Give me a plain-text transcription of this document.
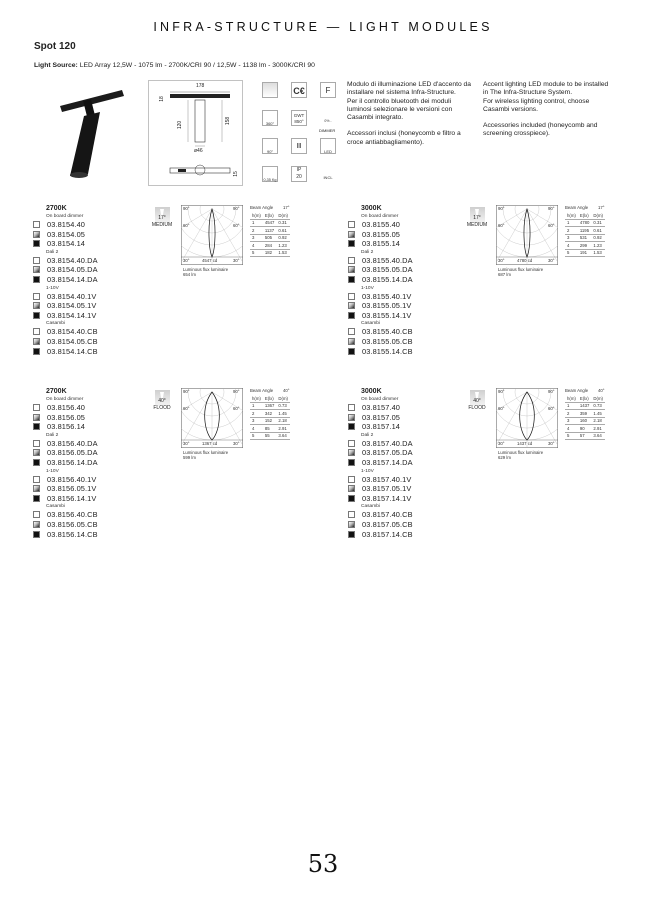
INFRA-STRUCTURE — LIGHT MODULES
Spot 120
Light Source: LED Array 12,5W - 1075 lm - 2700K/CRI 90 / 12,5W - 1138 lm - 3000K/CRI 90
178
18
120	158
ø46
15
C€	F
360°
GWT 850°	0% -
DIMMER
90°
Ⅲ
LED INCL
0,35 Kg
IP
20

Modulo di illuminazione LED d'accento da installare nel sistema Infra-Structure.

Per il controllo bluetooth dei moduli luminosi selezionare le versioni con Casambi integrato.

Accessori inclusi (honeycomb e filtro a croce antiabbagliamento).

Accent lighting LED module to be installed in The Infra-Structure System.

For wireless lighting control, choose Casambi versions.

Accessories included (honeycomb and screening crosspiece).

2700K
On board dimmer
03.8154.40
03.8154.05
03.8154.14
Dali 2
03.8154.40.DA
03.8154.05.DA
03.8154.14.DA
1-10V
03.8154.40.1V
03.8154.05.1V
03.8154.14.1V
Casambi
03.8154.40.CB
03.8154.05.CB
03.8154.14.CB
17°
MEDIUM
90°	90°
60°	60°
30°	4547 cd	30°
Luminous flux luminaire
654 lm
Beam Angle 17°
h(m)	E(lx)	D(m)
1	4547	0.31
2	1137	0.61
3	505	0.92
4	284	1.23
5	182	1.53
3000K
On board dimmer
03.8155.40
03.8155.05
03.8155.14
Dali 2
03.8155.40.DA
03.8155.05.DA
03.8155.14.DA
1-10V
03.8155.40.1V
03.8155.05.1V
03.8155.14.1V
Casambi
03.8155.40.CB
03.8155.05.CB
03.8155.14.CB
17°
MEDIUM
90°	90°
60°	60°
30°	4780 cd	30°
Luminous flux luminaire
687 lm
Beam Angle 17°
h(m)	E(lx)	D(m)
1	4780	0.31
2	1195	0.61
3	531	0.92
4	299	1.23
5	191	1.53
2700K
On board dimmer
03.8156.40
03.8156.05
03.8156.14
Dali 2
03.8156.40.DA
03.8156.05.DA
03.8156.14.DA
1-10V
03.8156.40.1V
03.8156.05.1V
03.8156.14.1V
Casambi
03.8156.40.CB
03.8156.05.CB
03.8156.14.CB
40°
FLOOD
90°	90°
60°	60°
30°	1367 cd	30°
Luminous flux luminaire
599 lm
Beam Angle 40°
h(m)	E(lx)	D(m)
1	1367	0.73
2	342	1.45
3	152	2.18
4	85	2.91
5	55	3.64
3000K
On board dimmer
03.8157.40
03.8157.05
03.8157.14
Dali 2
03.8157.40.DA
03.8157.05.DA
03.8157.14.DA
1-10V
03.8157.40.1V
03.8157.05.1V
03.8157.14.1V
Casambi
03.8157.40.CB
03.8157.05.CB
03.8157.14.CB
40°
FLOOD
90°	90°
60°	60°
30°	1437 cd	30°
Luminous flux luminaire
629 lm
Beam Angle 40°
h(m)	E(lx)	D(m)
1	1437	0.73
2	359	1.45
3	160	2.18
4	90	2.91
5	57	3.64
53
